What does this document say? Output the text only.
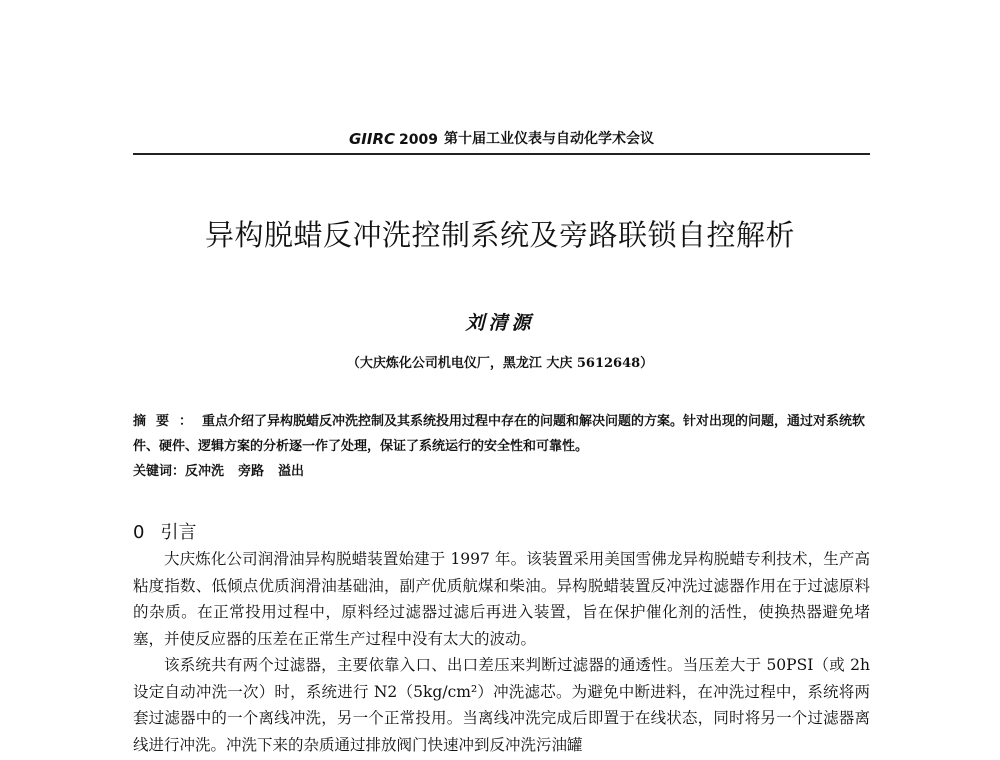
GIIRC 2009 第十届工业仪表与自动化学术会议
异构脱蜡反冲洗控制系统及旁路联锁自控解析
刘清源
（大庆炼化公司机电仪厂，黑龙江 大庆 5612648）
摘要：重点介绍了异构脱蜡反冲洗控制及其系统投用过程中存在的问题和解决问题的方案。针对出现的问题，通过对系统软件、硬件、逻辑方案的分析逐一作了处理，保证了系统运行的安全性和可靠性。
关键词：反冲洗 旁路 溢出
0 引言

大庆炼化公司润滑油异构脱蜡装置始建于 1997 年。该装置采用美国雪佛龙异构脱蜡专利技术，生产高粘度指数、低倾点优质润滑油基础油，副产优质航煤和柴油。异构脱蜡装置反冲洗过滤器作用在于过滤原料的杂质。在正常投用过程中，原料经过滤器过滤后再进入装置，旨在保护催化剂的活性，使换热器避免堵塞，并使反应器的压差在正常生产过程中没有太大的波动。

该系统共有两个过滤器，主要依靠入口、出口差压来判断过滤器的通透性。当压差大于 50PSI（或 2h 设定自动冲洗一次）时，系统进行 N2（5kg/cm²）冲洗滤芯。为避免中断进料，在冲洗过程中，系统将两套过滤器中的一个离线冲洗，另一个正常投用。当离线冲洗完成后即置于在线状态，同时将另一个过滤器离线进行冲洗。冲洗下来的杂质通过排放阀门快速冲到反冲洗污油罐
